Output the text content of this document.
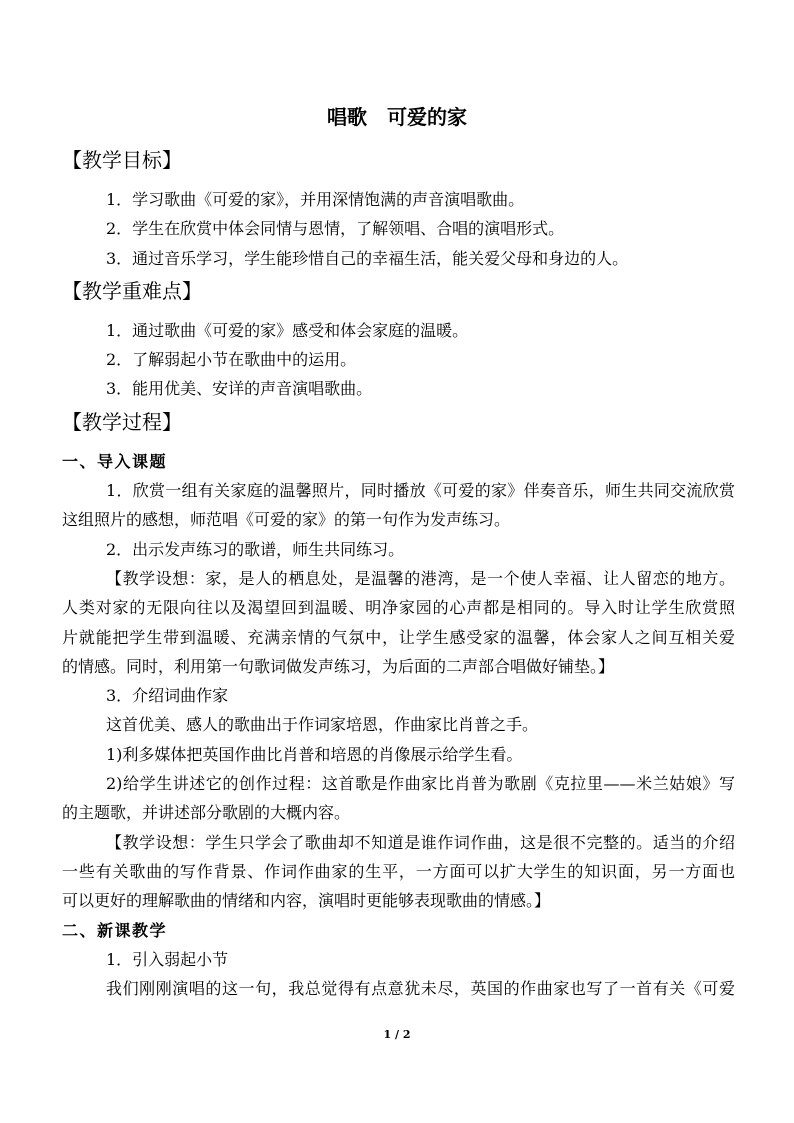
唱歌　可爱的家
【教学目标】
1．学习歌曲《可爱的家》，并用深情饱满的声音演唱歌曲。
2．学生在欣赏中体会同情与恩情，了解领唱、合唱的演唱形式。
3．通过音乐学习，学生能珍惜自己的幸福生活，能关爱父母和身边的人。
【教学重难点】
1．通过歌曲《可爱的家》感受和体会家庭的温暖。
2．了解弱起小节在歌曲中的运用。
3．能用优美、安详的声音演唱歌曲。
【教学过程】
一、导入课题
1．欣赏一组有关家庭的温馨照片，同时播放《可爱的家》伴奏音乐，师生共同交流欣赏
这组照片的感想，师范唱《可爱的家》的第一句作为发声练习。
2．出示发声练习的歌谱，师生共同练习。
【教学设想：家，是人的栖息处，是温馨的港湾，是一个使人幸福、让人留恋的地方。
人类对家的无限向往以及渴望回到温暖、明净家园的心声都是相同的。导入时让学生欣赏照
片就能把学生带到温暖、充满亲情的气氛中，让学生感受家的温馨，体会家人之间互相关爱
的情感。同时，利用第一句歌词做发声练习，为后面的二声部合唱做好铺垫。】
3．介绍词曲作家
这首优美、感人的歌曲出于作词家培恩，作曲家比肖普之手。
1)利多媒体把英国作曲比肖普和培恩的肖像展示给学生看。
2)给学生讲述它的创作过程：这首歌是作曲家比肖普为歌剧《克拉里——米兰姑娘》写
的主题歌，并讲述部分歌剧的大概内容。
【教学设想：学生只学会了歌曲却不知道是谁作词作曲，这是很不完整的。适当的介绍
一些有关歌曲的写作背景、作词作曲家的生平，一方面可以扩大学生的知识面，另一方面也
可以更好的理解歌曲的情绪和内容，演唱时更能够表现歌曲的情感。】
二、新课教学
1．引入弱起小节
我们刚刚演唱的这一句，我总觉得有点意犹未尽，英国的作曲家也写了一首有关《可爱
1 / 2
